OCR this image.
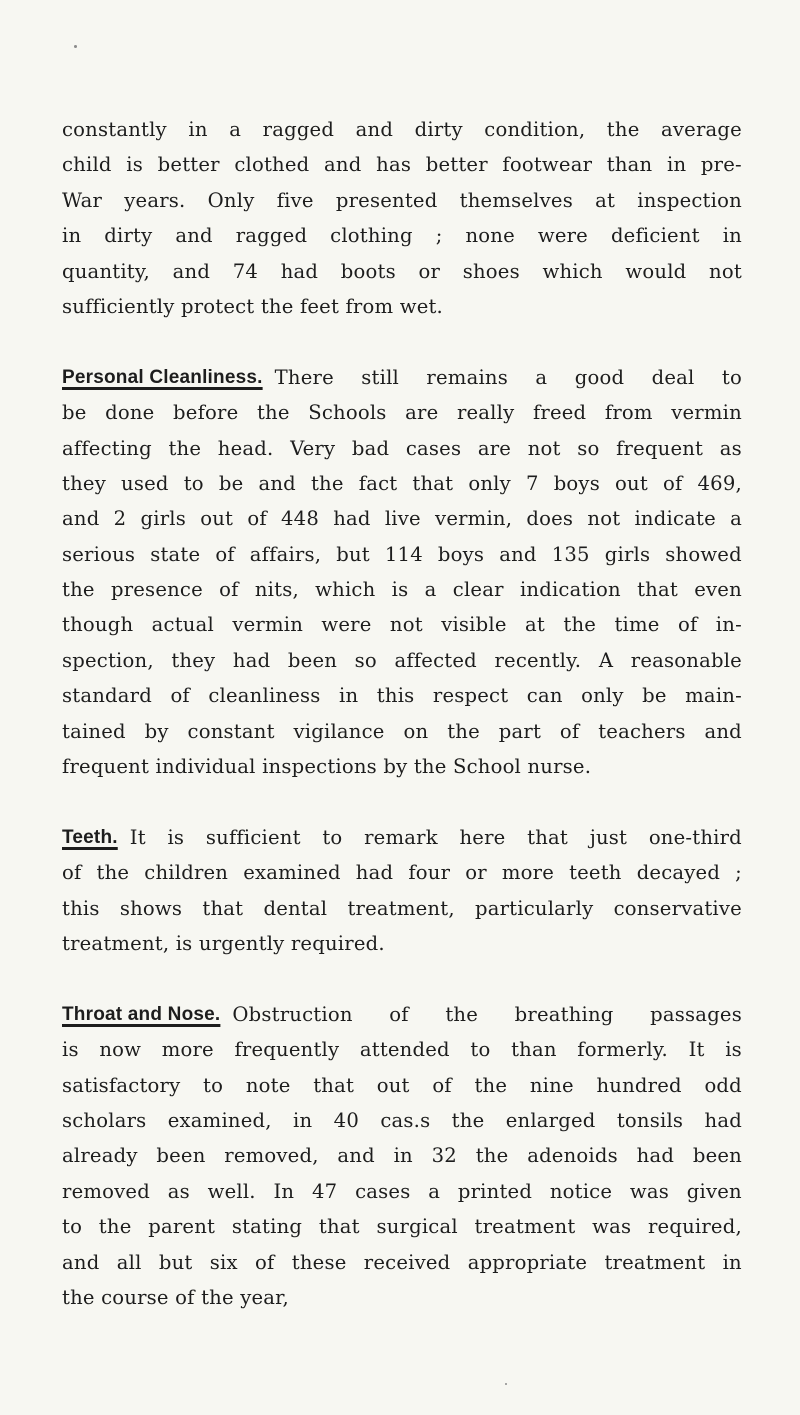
constantly in a ragged and dirty condition, the average
child is better clothed and has better footwear than in pre-
War years. Only five presented themselves at inspection
in dirty and ragged clothing ; none were deficient in
quantity, and 74 had boots or shoes which would not
sufficiently protect the feet from wet.
Personal Cleanliness. There still remains a good deal to
be done before the Schools are really freed from vermin
affecting the head. Very bad cases are not so frequent as
they used to be and the fact that only 7 boys out of 469,
and 2 girls out of 448 had live vermin, does not indicate a
serious state of affairs, but 114 boys and 135 girls showed
the presence of nits, which is a clear indication that even
though actual vermin were not visible at the time of in-
spection, they had been so affected recently. A reasonable
standard of cleanliness in this respect can only be main-
tained by constant vigilance on the part of teachers and
frequent individual inspections by the School nurse.
Teeth. It is sufficient to remark here that just one-third
of the children examined had four or more teeth decayed ;
this shows that dental treatment, particularly conservative
treatment, is urgently required.
Throat and Nose. Obstruction of the breathing passages
is now more frequently attended to than formerly. It is
satisfactory to note that out of the nine hundred odd
scholars examined, in 40 cas.s the enlarged tonsils had
already been removed, and in 32 the adenoids had been
removed as well. In 47 cases a printed notice was given
to the parent stating that surgical treatment was required,
and all but six of these received appropriate treatment in
the course of the year,
